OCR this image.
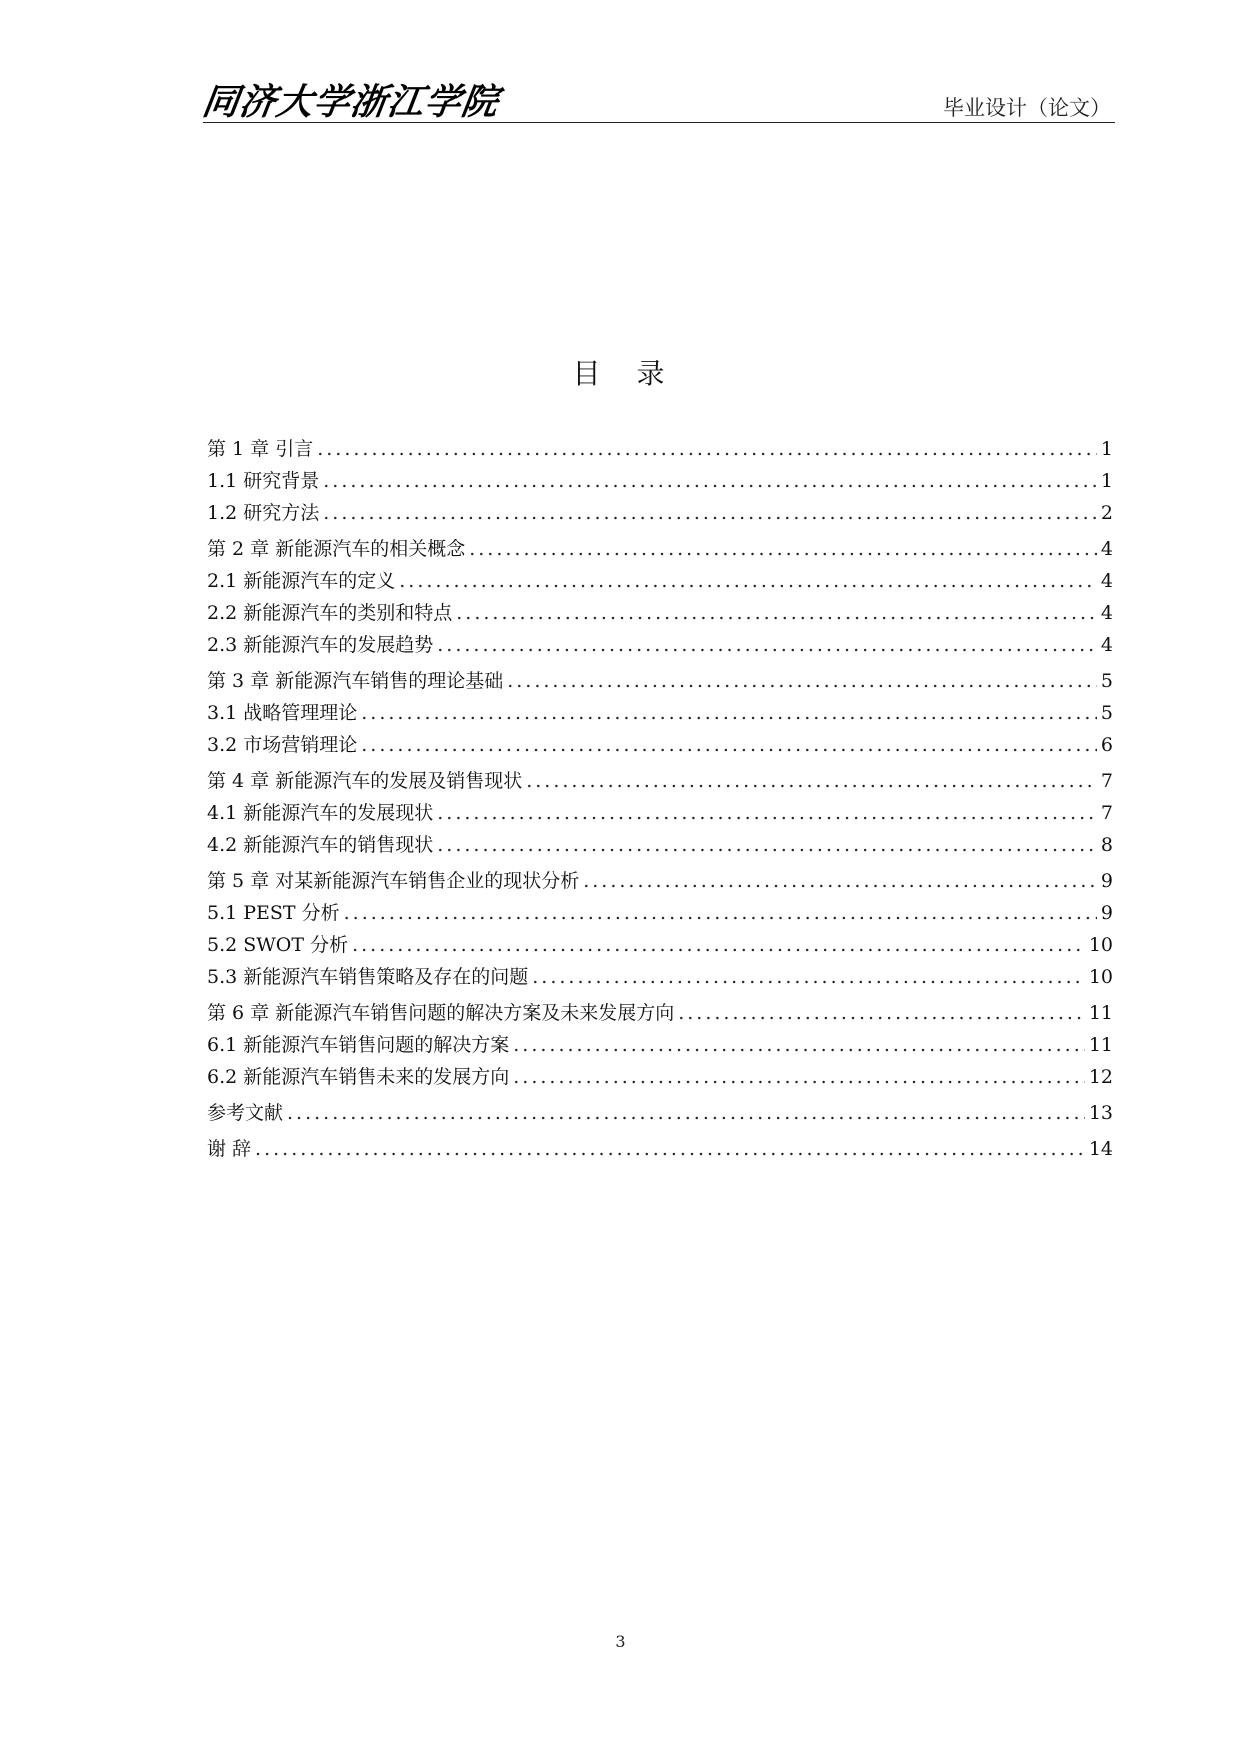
同济大学浙江学院	毕业设计（论文）
目　录
第 1 章 引言 .....	1
1.1 研究背景 .....	1
1.2 研究方法 .....	2
第 2 章 新能源汽车的相关概念 .....	4
2.1 新能源汽车的定义 .....	4
2.2 新能源汽车的类别和特点 .....	4
2.3 新能源汽车的发展趋势 .....	4
第 3 章 新能源汽车销售的理论基础 .....	5
3.1 战略管理理论 .....	5
3.2 市场营销理论 .....	6
第 4 章 新能源汽车的发展及销售现状 .....	7
4.1 新能源汽车的发展现状 .....	7
4.2 新能源汽车的销售现状 .....	8
第 5 章 对某新能源汽车销售企业的现状分析 .....	9
5.1 PEST 分析 .....	9
5.2 SWOT 分析 .....	10
5.3 新能源汽车销售策略及存在的问题 .....	10
第 6 章 新能源汽车销售问题的解决方案及未来发展方向 .....	11
6.1 新能源汽车销售问题的解决方案 .....	11
6.2 新能源汽车销售未来的发展方向 .....	12
参考文献 .....	13
谢 辞 .....	14
3
